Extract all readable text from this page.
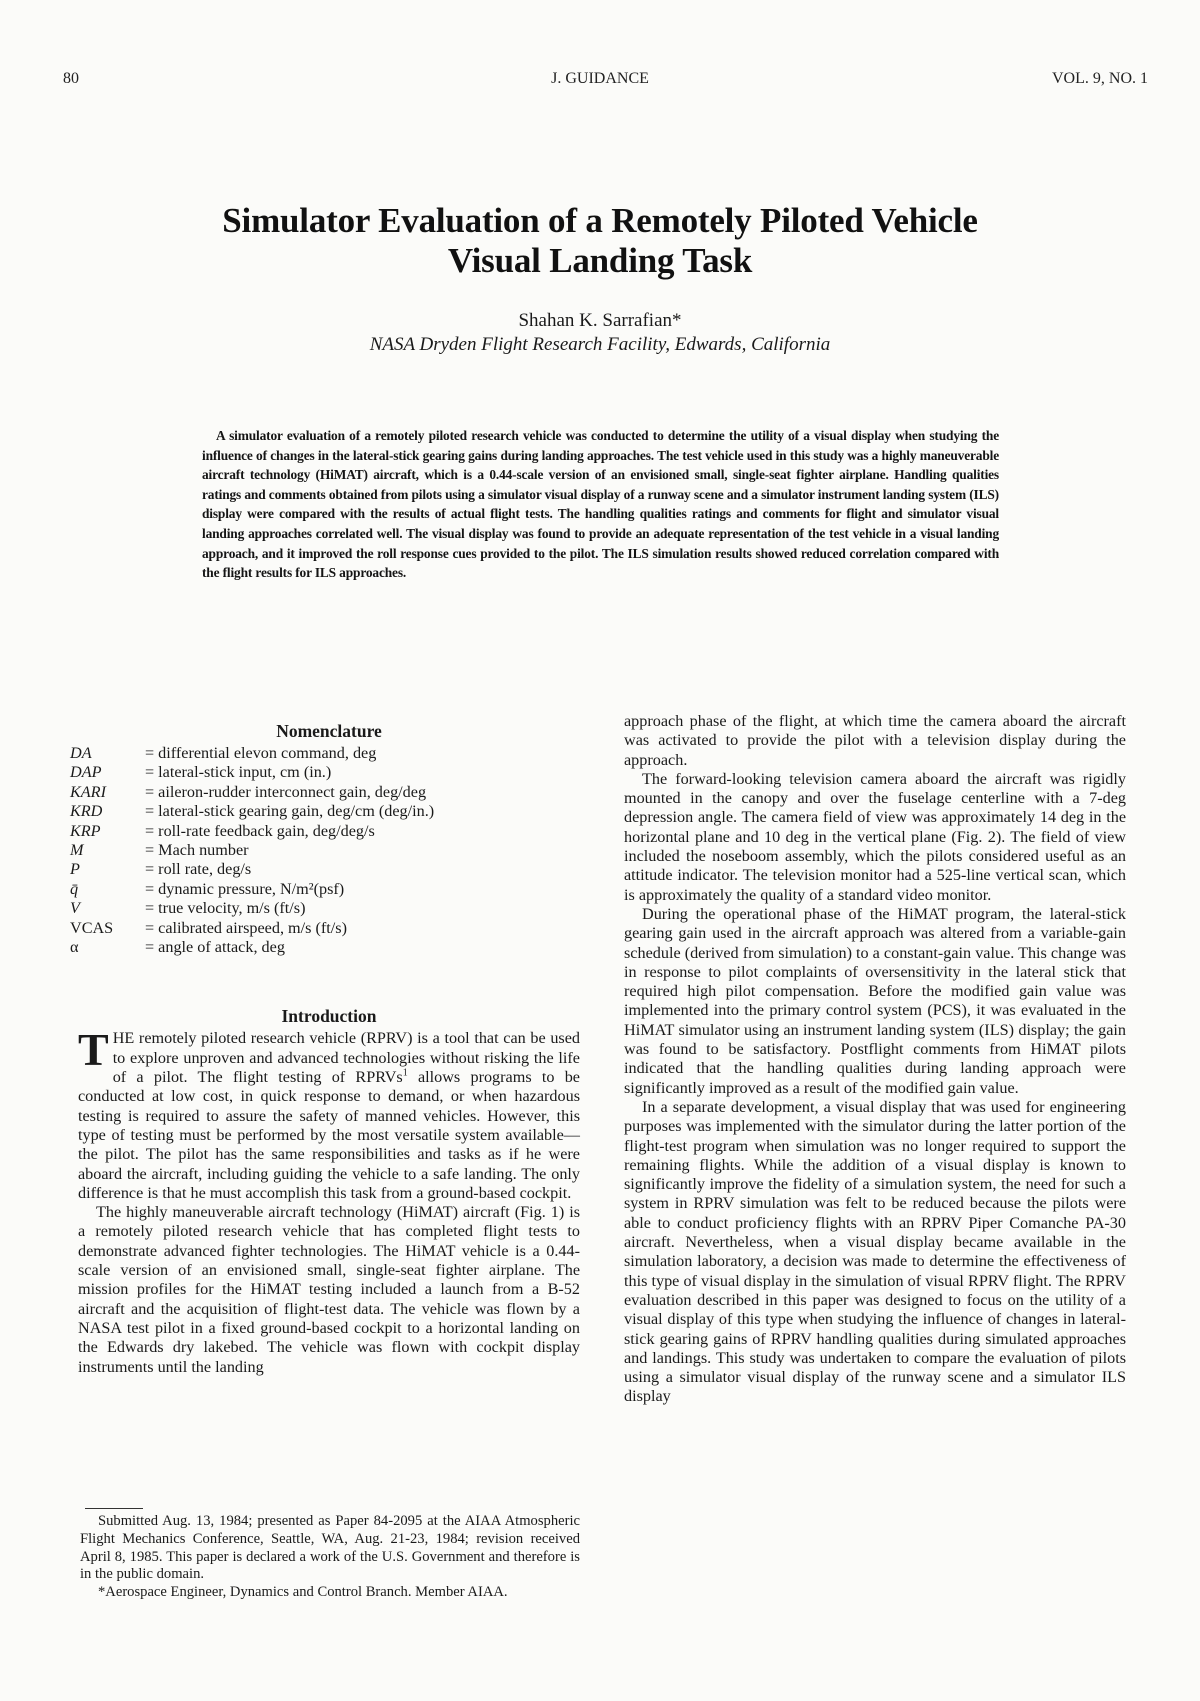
80	J. GUIDANCE	VOL. 9, NO. 1
Simulator Evaluation of a Remotely Piloted Vehicle
Visual Landing Task
Shahan K. Sarrafian*
NASA Dryden Flight Research Facility, Edwards, California

A simulator evaluation of a remotely piloted research vehicle was conducted to determine the utility of a visual display when studying the influence of changes in the lateral-stick gearing gains during landing approaches. The test vehicle used in this study was a highly maneuverable aircraft technology (HiMAT) aircraft, which is a 0.44-scale version of an envisioned small, single-seat fighter airplane. Handling qualities ratings and comments obtained from pilots using a simulator visual display of a runway scene and a simulator instrument landing system (ILS) display were compared with the results of actual flight tests. The handling qualities ratings and comments for flight and simulator visual landing approaches correlated well. The visual display was found to provide an adequate representation of the test vehicle in a visual landing approach, and it improved the roll response cues provided to the pilot. The ILS simulation results showed reduced correlation compared with the flight results for ILS approaches.

Nomenclature
DA	= differential elevon command, deg
DAP	= lateral-stick input, cm (in.)
KARI	= aileron-rudder interconnect gain, deg/deg
KRD	= lateral-stick gearing gain, deg/cm (deg/in.)
KRP	= roll-rate feedback gain, deg/deg/s
M	= Mach number
P	= roll rate, deg/s
q̄	= dynamic pressure, N/m²(psf)
V	= true velocity, m/s (ft/s)
VCAS	= calibrated airspeed, m/s (ft/s)
α	= angle of attack, deg
Introduction

THE remotely piloted research vehicle (RPRV) is a tool that can be used to explore unproven and advanced technologies without risking the life of a pilot. The flight testing of RPRVs$^1$ allows programs to be conducted at low cost, in quick response to demand, or when hazardous testing is required to assure the safety of manned vehicles. However, this type of testing must be performed by the most versatile system available—the pilot. The pilot has the same responsibilities and tasks as if he were aboard the aircraft, including guiding the vehicle to a safe landing. The only difference is that he must accomplish this task from a ground-based cockpit.

The highly maneuverable aircraft technology (HiMAT) aircraft (Fig. 1) is a remotely piloted research vehicle that has completed flight tests to demonstrate advanced fighter technologies. The HiMAT vehicle is a 0.44-scale version of an envisioned small, single-seat fighter airplane. The mission profiles for the HiMAT testing included a launch from a B-52 aircraft and the acquisition of flight-test data. The vehicle was flown by a NASA test pilot in a fixed ground-based cockpit to a horizontal landing on the Edwards dry lakebed. The vehicle was flown with cockpit display instruments until the landing

Submitted Aug. 13, 1984; presented as Paper 84-2095 at the AIAA Atmospheric Flight Mechanics Conference, Seattle, WA, Aug. 21-23, 1984; revision received April 8, 1985. This paper is declared a work of the U.S. Government and therefore is in the public domain.

*Aerospace Engineer, Dynamics and Control Branch. Member AIAA.

approach phase of the flight, at which time the camera aboard the aircraft was activated to provide the pilot with a television display during the approach.

The forward-looking television camera aboard the aircraft was rigidly mounted in the canopy and over the fuselage centerline with a 7-deg depression angle. The camera field of view was approximately 14 deg in the horizontal plane and 10 deg in the vertical plane (Fig. 2). The field of view included the noseboom assembly, which the pilots considered useful as an attitude indicator. The television monitor had a 525-line vertical scan, which is approximately the quality of a standard video monitor.

During the operational phase of the HiMAT program, the lateral-stick gearing gain used in the aircraft approach was altered from a variable-gain schedule (derived from simulation) to a constant-gain value. This change was in response to pilot complaints of oversensitivity in the lateral stick that required high pilot compensation. Before the modified gain value was implemented into the primary control system (PCS), it was evaluated in the HiMAT simulator using an instrument landing system (ILS) display; the gain was found to be satisfactory. Postflight comments from HiMAT pilots indicated that the handling qualities during landing approach were significantly improved as a result of the modified gain value.

In a separate development, a visual display that was used for engineering purposes was implemented with the simulator during the latter portion of the flight-test program when simulation was no longer required to support the remaining flights. While the addition of a visual display is known to significantly improve the fidelity of a simulation system, the need for such a system in RPRV simulation was felt to be reduced because the pilots were able to conduct proficiency flights with an RPRV Piper Comanche PA-30 aircraft. Nevertheless, when a visual display became available in the simulation laboratory, a decision was made to determine the effectiveness of this type of visual display in the simulation of visual RPRV flight. The RPRV evaluation described in this paper was designed to focus on the utility of a visual display of this type when studying the influence of changes in lateral-stick gearing gains of RPRV handling qualities during simulated approaches and landings. This study was undertaken to compare the evaluation of pilots using a simulator visual display of the runway scene and a simulator ILS display
